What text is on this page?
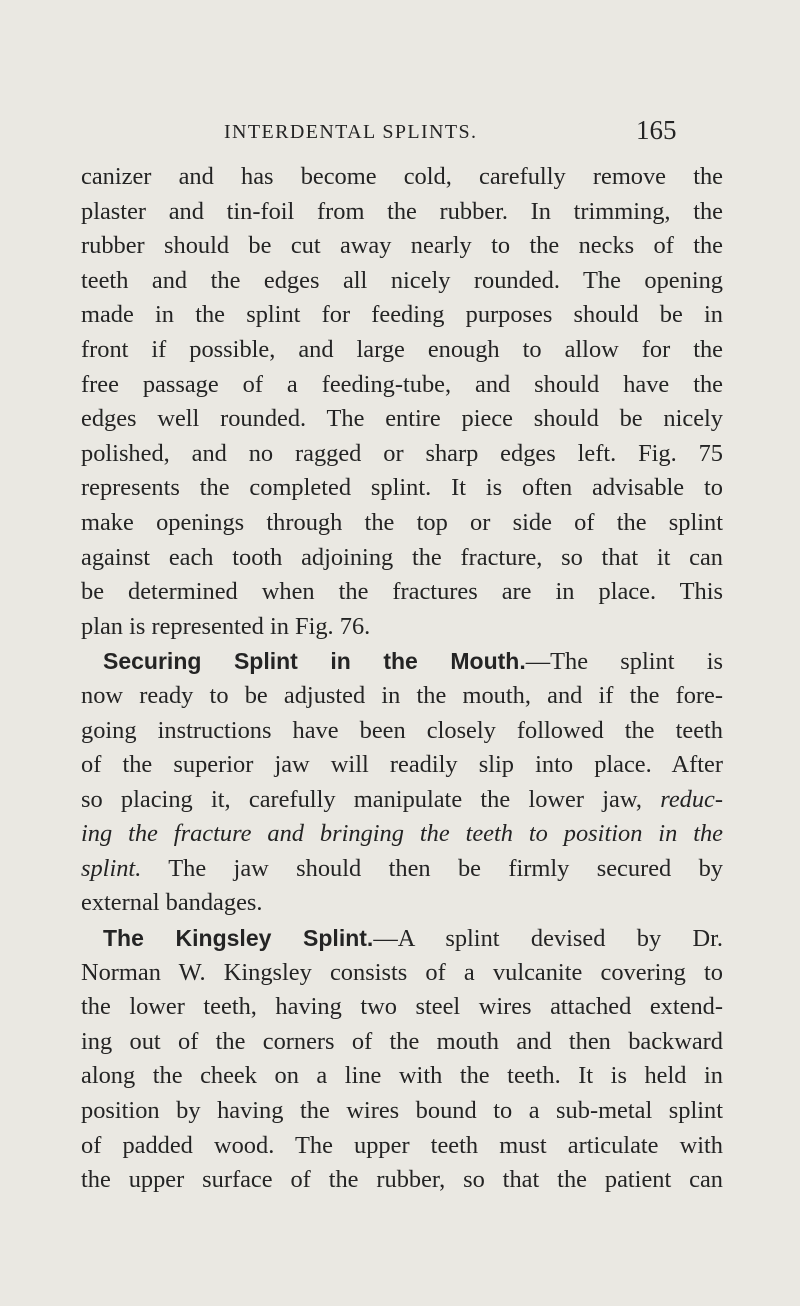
INTERDENTAL SPLINTS.	165
canizer and has become cold, carefully remove the
plaster and tin-foil from the rubber. In trimming, the
rubber should be cut away nearly to the necks of the
teeth and the edges all nicely rounded. The opening
made in the splint for feeding purposes should be in
front if possible, and large enough to allow for the
free passage of a feeding-tube, and should have the
edges well rounded. The entire piece should be nicely
polished, and no ragged or sharp edges left. Fig. 75
represents the completed splint. It is often advisable to
make openings through the top or side of the splint
against each tooth adjoining the fracture, so that it can
be determined when the fractures are in place. This
plan is represented in Fig. 76.
Securing Splint in the Mouth.—The splint is
now ready to be adjusted in the mouth, and if the fore-
going instructions have been closely followed the teeth
of the superior jaw will readily slip into place. After
so placing it, carefully manipulate the lower jaw, reduc-
ing the fracture and bringing the teeth to position in the
splint. The jaw should then be firmly secured by
external bandages.
The Kingsley Splint.—A splint devised by Dr.
Norman W. Kingsley consists of a vulcanite covering to
the lower teeth, having two steel wires attached extend-
ing out of the corners of the mouth and then backward
along the cheek on a line with the teeth. It is held in
position by having the wires bound to a sub-metal splint
of padded wood. The upper teeth must articulate with
the upper surface of the rubber, so that the patient can
